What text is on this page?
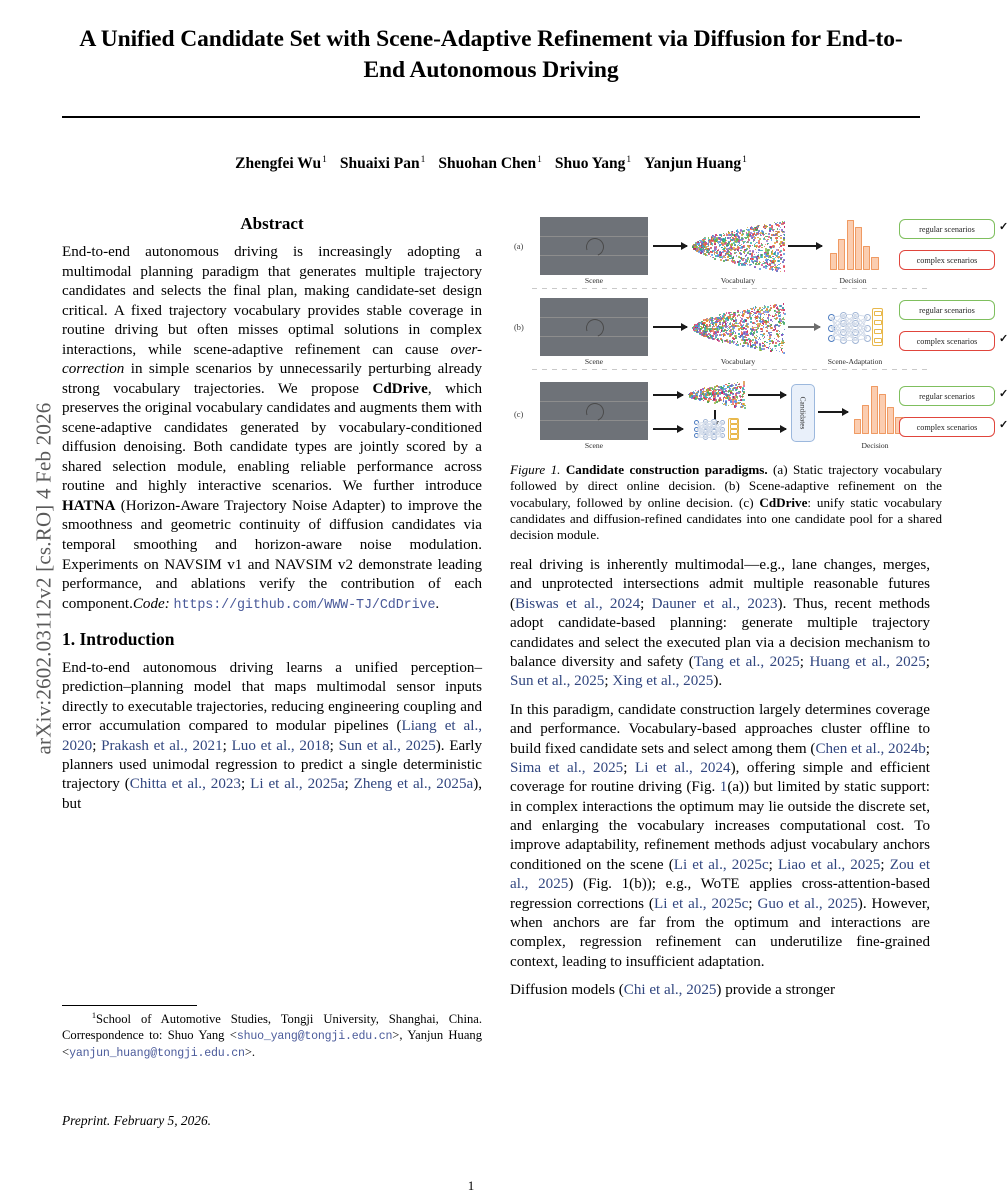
arXiv:2602.03112v2 [cs.RO] 4 Feb 2026
A Unified Candidate Set with Scene-Adaptive Refinement via Diffusion for End-to-End Autonomous Driving
Zhengfei Wu$^1$ Shuaixi Pan$^1$ Shuohan Chen$^1$ Shuo Yang$^1$ Yanjun Huang$^1$
Abstract

End-to-end autonomous driving is increasingly adopting a multimodal planning paradigm that generates multiple trajectory candidates and selects the final plan, making candidate-set design critical. A fixed trajectory vocabulary provides stable coverage in routine driving but often misses optimal solutions in complex interactions, while scene-adaptive refinement can cause over-correction in simple scenarios by unnecessarily perturbing already strong vocabulary trajectories. We propose CdDrive, which preserves the original vocabulary candidates and augments them with scene-adaptive candidates generated by vocabulary-conditioned diffusion denoising. Both candidate types are jointly scored by a shared selection module, enabling reliable performance across routine and highly interactive scenarios. We further introduce HATNA (Horizon-Aware Trajectory Noise Adapter) to improve the smoothness and geometric continuity of diffusion candidates via temporal smoothing and horizon-aware noise modulation. Experiments on NAVSIM v1 and NAVSIM v2 demonstrate leading performance, and ablations verify the contribution of each component.Code: https://github.com/WWW-TJ/CdDrive.

1. Introduction

End-to-end autonomous driving learns a unified perception–prediction–planning model that maps multimodal sensor inputs directly to executable trajectories, reducing engineering coupling and error accumulation compared to modular pipelines (Liang et al., 2020; Prakash et al., 2021; Luo et al., 2018; Sun et al., 2025). Early planners used unimodal regression to predict a single deterministic trajectory (Chitta et al., 2023; Li et al., 2025a; Zheng et al., 2025a), but

$^1$School of Automotive Studies, Tongji University, Shanghai, China. Correspondence to: Shuo Yang <shuo_yang@tongji.edu.cn>, Yanjun Huang <yanjun_huang@tongji.edu.cn>.
Preprint. February 5, 2026.
(a)
Scene	Vocabulary	Decision
regular scenarios	✓
complex scenarios
(b)
Scene	Vocabulary	Scene-Adaptation
regular scenarios
complex scenarios	✓
(c)
Scene
Candidates
Decision
regular scenarios	✓
complex scenarios	✓
Figure 1. Candidate construction paradigms. (a) Static trajectory vocabulary followed by direct online decision. (b) Scene-adaptive refinement on the vocabulary, followed by online decision. (c) CdDrive: unify static vocabulary candidates and diffusion-refined candidates into one candidate pool for a shared decision module.

real driving is inherently multimodal—e.g., lane changes, merges, and unprotected intersections admit multiple reasonable futures (Biswas et al., 2024; Dauner et al., 2023). Thus, recent methods adopt candidate-based planning: generate multiple trajectory candidates and select the executed plan via a decision mechanism to balance diversity and safety (Tang et al., 2025; Huang et al., 2025; Sun et al., 2025; Xing et al., 2025).

In this paradigm, candidate construction largely determines coverage and performance. Vocabulary-based approaches cluster offline to build fixed candidate sets and select among them (Chen et al., 2024b; Sima et al., 2025; Li et al., 2024), offering simple and efficient coverage for routine driving (Fig. 1(a)) but limited by static support: in complex interactions the optimum may lie outside the discrete set, and enlarging the vocabulary increases computational cost. To improve adaptability, refinement methods adjust vocabulary anchors conditioned on the scene (Li et al., 2025c; Liao et al., 2025; Zou et al., 2025) (Fig. 1(b)); e.g., WoTE applies cross-attention-based regression corrections (Li et al., 2025c; Guo et al., 2025). However, when anchors are far from the optimum and interactions are complex, regression refinement can underutilize fine-grained context, leading to insufficient adaptation.

Diffusion models (Chi et al., 2025) provide a stronger

1
